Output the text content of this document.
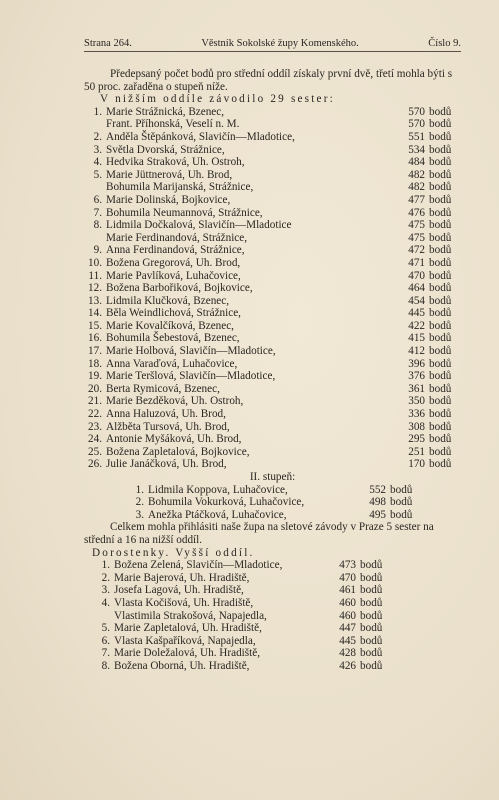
Strana 264.	Věstník Sokolské župy Komenského.	Číslo 9.

Předepsaný počet bodů pro střední oddíl získaly první dvě, třetí mohla býti s 50 proc. zařaděna o stupeň níže.

V nižším oddíle závodilo 29 sester:

1. Marie Strážnická, Bzenec,	570 bodů
Frant. Příhonská, Veselí n. M.	570 bodů
2. Anděla Štěpánková, Slavičín—Mladotice,	551 bodů
3. Světla Dvorská, Strážnice,	534 bodů
4. Hedvika Straková, Uh. Ostroh,	484 bodů
5. Marie Jüttnerová, Uh. Brod,	482 bodů
Bohumila Marijanská, Strážnice,	482 bodů
6. Marie Dolinská, Bojkovice,	477 bodů
7. Bohumila Neumannová, Strážnice,	476 bodů
8. Lidmila Dočkalová, Slavičín—Mladotice	475 bodů
Marie Ferdinandová, Strážnice,	475 bodů
9. Anna Ferdinandová, Strážnice,	472 bodů
10. Božena Gregorová, Uh. Brod,	471 bodů
11. Marie Pavlíková, Luhačovice,	470 bodů
12. Božena Barbořiková, Bojkovice,	464 bodů
13. Lidmila Klučková, Bzenec,	454 bodů
14. Běla Weindlichová, Strážnice,	445 bodů
15. Marie Kovalčíková, Bzenec,	422 bodů
16. Bohumila Šebestová, Bzenec,	415 bodů
17. Marie Holbová, Slavičín—Mladotice,	412 bodů
18. Anna Varaďová, Luhačovice,	396 bodů
19. Marie Teršlová, Slavičín—Mladotice,	376 bodů
20. Berta Rymicová, Bzenec,	361 bodů
21. Marie Bezděková, Uh. Ostroh,	350 bodů
22. Anna Haluzová, Uh. Brod,	336 bodů
23. Alžběta Tursová, Uh. Brod,	308 bodů
24. Antonie Myšáková, Uh. Brod,	295 bodů
25. Božena Zapletalová, Bojkovice,	251 bodů
26. Julie Janáčková, Uh. Brod,	170 bodů

II. stupeň:

1. Lidmila Koppova, Luhačovice,	552 bodů
2. Bohumila Vokurková, Luhačovice,	498 bodů
3. Anežka Ptáčková, Luhačovice,	495 bodů

Celkem mohla přihlásiti naše župa na sletové závody v Praze 5 sester na střední a 16 na nižší oddíl.

Dorostenky. Vyšší oddíl.

1. Božena Zelená, Slavičín—Mladotice,	473 bodů
2. Marie Bajerová, Uh. Hradiště,	470 bodů
3. Josefa Lagová, Uh. Hradiště,	461 bodů
4. Vlasta Kočišová, Uh. Hradiště,	460 bodů
Vlastimila Strakošová, Napajedla,	460 bodů
5. Marie Zapletalová, Uh. Hradiště,	447 bodů
6. Vlasta Kašpaříková, Napajedla,	445 bodů
7. Marie Doležalová, Uh. Hradiště,	428 bodů
8. Božena Oborná, Uh. Hradiště,	426 bodů
